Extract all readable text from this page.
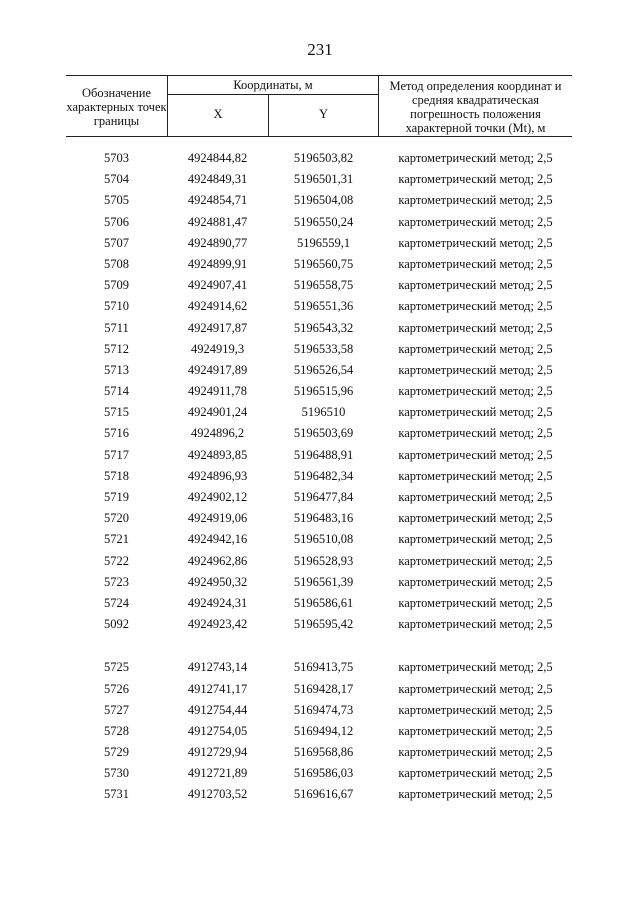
231
Обозначение характерных точек границы
Координаты, м
X	Y
Метод определения координат и средняя квадратическая погрешность положения характерной точки (Mt), м
5703	4924844,82	5196503,82	картометрический метод; 2,5
5704	4924849,31	5196501,31	картометрический метод; 2,5
5705	4924854,71	5196504,08	картометрический метод; 2,5
5706	4924881,47	5196550,24	картометрический метод; 2,5
5707	4924890,77	5196559,1	картометрический метод; 2,5
5708	4924899,91	5196560,75	картометрический метод; 2,5
5709	4924907,41	5196558,75	картометрический метод; 2,5
5710	4924914,62	5196551,36	картометрический метод; 2,5
5711	4924917,87	5196543,32	картометрический метод; 2,5
5712	4924919,3	5196533,58	картометрический метод; 2,5
5713	4924917,89	5196526,54	картометрический метод; 2,5
5714	4924911,78	5196515,96	картометрический метод; 2,5
5715	4924901,24	5196510	картометрический метод; 2,5
5716	4924896,2	5196503,69	картометрический метод; 2,5
5717	4924893,85	5196488,91	картометрический метод; 2,5
5718	4924896,93	5196482,34	картометрический метод; 2,5
5719	4924902,12	5196477,84	картометрический метод; 2,5
5720	4924919,06	5196483,16	картометрический метод; 2,5
5721	4924942,16	5196510,08	картометрический метод; 2,5
5722	4924962,86	5196528,93	картометрический метод; 2,5
5723	4924950,32	5196561,39	картометрический метод; 2,5
5724	4924924,31	5196586,61	картометрический метод; 2,5
5092	4924923,42	5196595,42	картометрический метод; 2,5
5725	4912743,14	5169413,75	картометрический метод; 2,5
5726	4912741,17	5169428,17	картометрический метод; 2,5
5727	4912754,44	5169474,73	картометрический метод; 2,5
5728	4912754,05	5169494,12	картометрический метод; 2,5
5729	4912729,94	5169568,86	картометрический метод; 2,5
5730	4912721,89	5169586,03	картометрический метод; 2,5
5731	4912703,52	5169616,67	картометрический метод; 2,5
